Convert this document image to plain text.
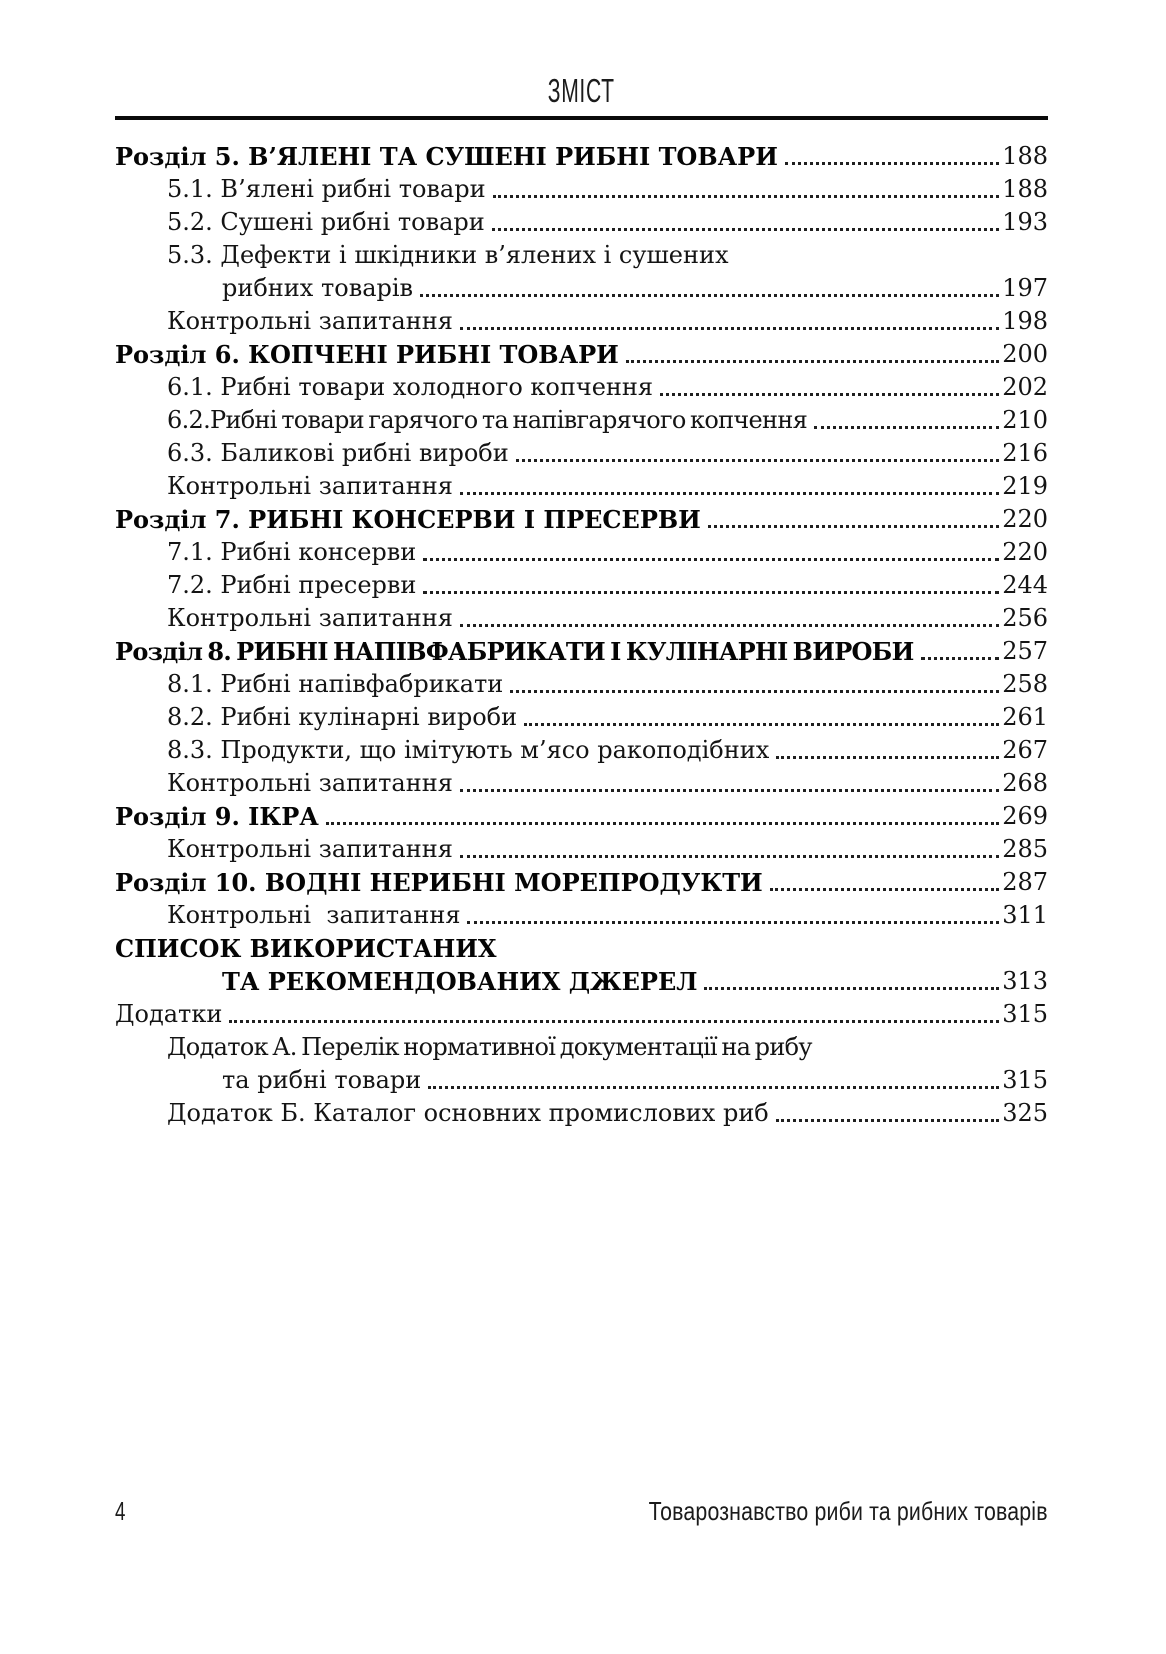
ЗМІСТ
Розділ 5. В’ЯЛЕНІ ТА СУШЕНІ РИБНІ ТОВАРИ	188
5.1. В’ялені рибні товари	188
5.2. Сушені рибні товари	193
5.3. Дефекти і шкідники в’ялених і сушених
рибних товарів	197
Контрольні запитання	198
Розділ 6. КОПЧЕНІ РИБНІ ТОВАРИ	200
6.1. Рибні товари холодного копчення	202
6.2.Рибні товари гарячого та напівгарячого копчення	210
6.3. Баликові рибні вироби	216
Контрольні запитання	219
Розділ 7. РИБНІ КОНСЕРВИ І ПРЕСЕРВИ	220
7.1. Рибні консерви	220
7.2. Рибні пресерви	244
Контрольні запитання	256
Розділ 8. РИБНІ НАПІВФАБРИКАТИ І КУЛІНАРНІ ВИРОБИ	257
8.1. Рибні напівфабрикати	258
8.2. Рибні кулінарні вироби	261
8.3. Продукти, що імітують м’ясо ракоподібних	267
Контрольні запитання	268
Розділ 9. ІКРА	269
Контрольні запитання	285
Розділ 10. ВОДНІ НЕРИБНІ МОРЕПРОДУКТИ	287
Контрольні  запитання	311
СПИСОК ВИКОРИСТАНИХ
ТА РЕКОМЕНДОВАНИХ ДЖЕРЕЛ	313
Додатки	315
Додаток А. Перелік нормативної документації на рибу
та рибні товари	315
Додаток Б. Каталог основних промислових риб	325
4	Товарознавство риби та рибних товарів
